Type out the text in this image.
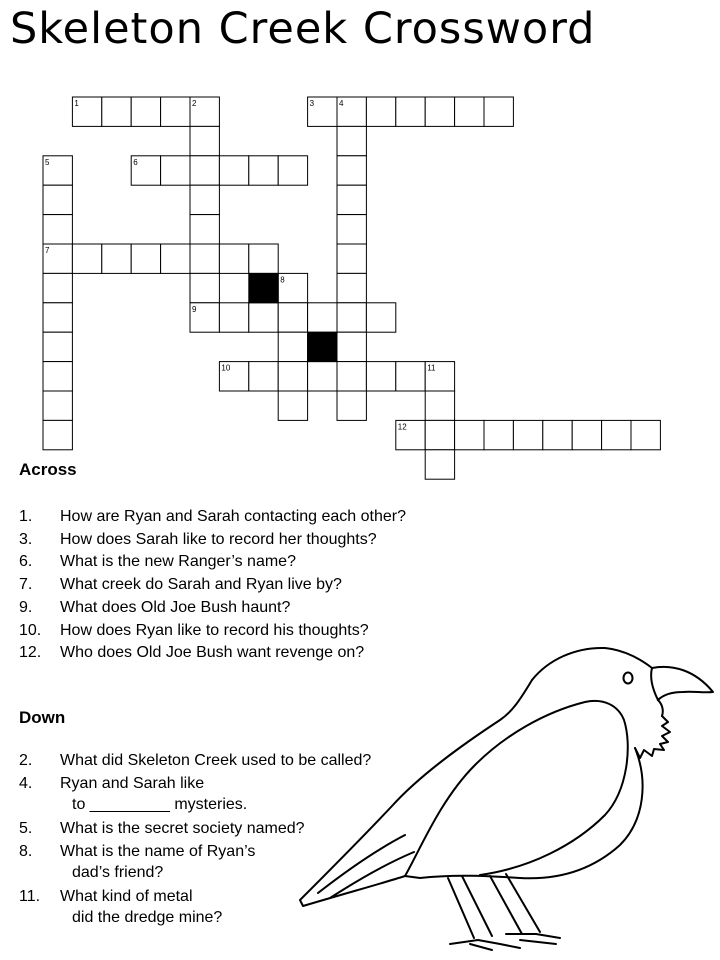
Skeleton Creek Crossword
1	2	3	4
5	6
7
8
9
10	11
12
Across
1. How are Ryan and Sarah contacting each other?
3. How does Sarah like to record her thoughts?
6. What is the new Ranger’s name?
7. What creek do Sarah and Ryan live by?
9. What does Old Joe Bush haunt?
10. How does Ryan like to record his thoughts?
12. Who does Old Joe Bush want revenge on?
Down
2. What did Skeleton Creek used to be called?
4. Ryan and Sarah like
to _________ mysteries.
5. What is the secret society named?
8. What is the name of Ryan’s
dad’s friend?
11. What kind of metal
did the dredge mine?
